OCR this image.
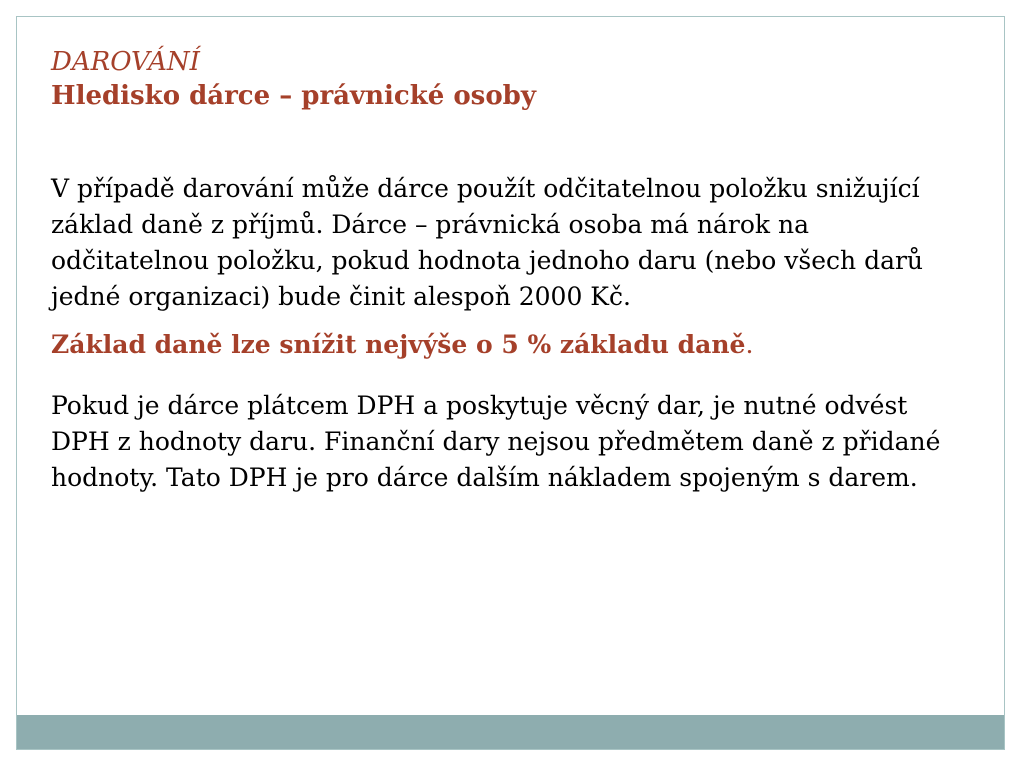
DAROVÁNÍ
Hledisko dárce – právnické osoby

V případě darování může dárce použít odčitatelnou položku snižující základ daně z příjmů. Dárce – právnická osoba má nárok na odčitatelnou položku, pokud hodnota jednoho daru (nebo všech darů jedné organizaci) bude činit alespoň 2000 Kč.

Základ daně lze snížit nejvýše o 5 % základu daně.

Pokud je dárce plátcem DPH a poskytuje věcný dar, je nutné odvést DPH z hodnoty daru. Finanční dary nejsou předmětem daně z přidané hodnoty. Tato DPH je pro dárce dalším nákladem spojeným s darem.
